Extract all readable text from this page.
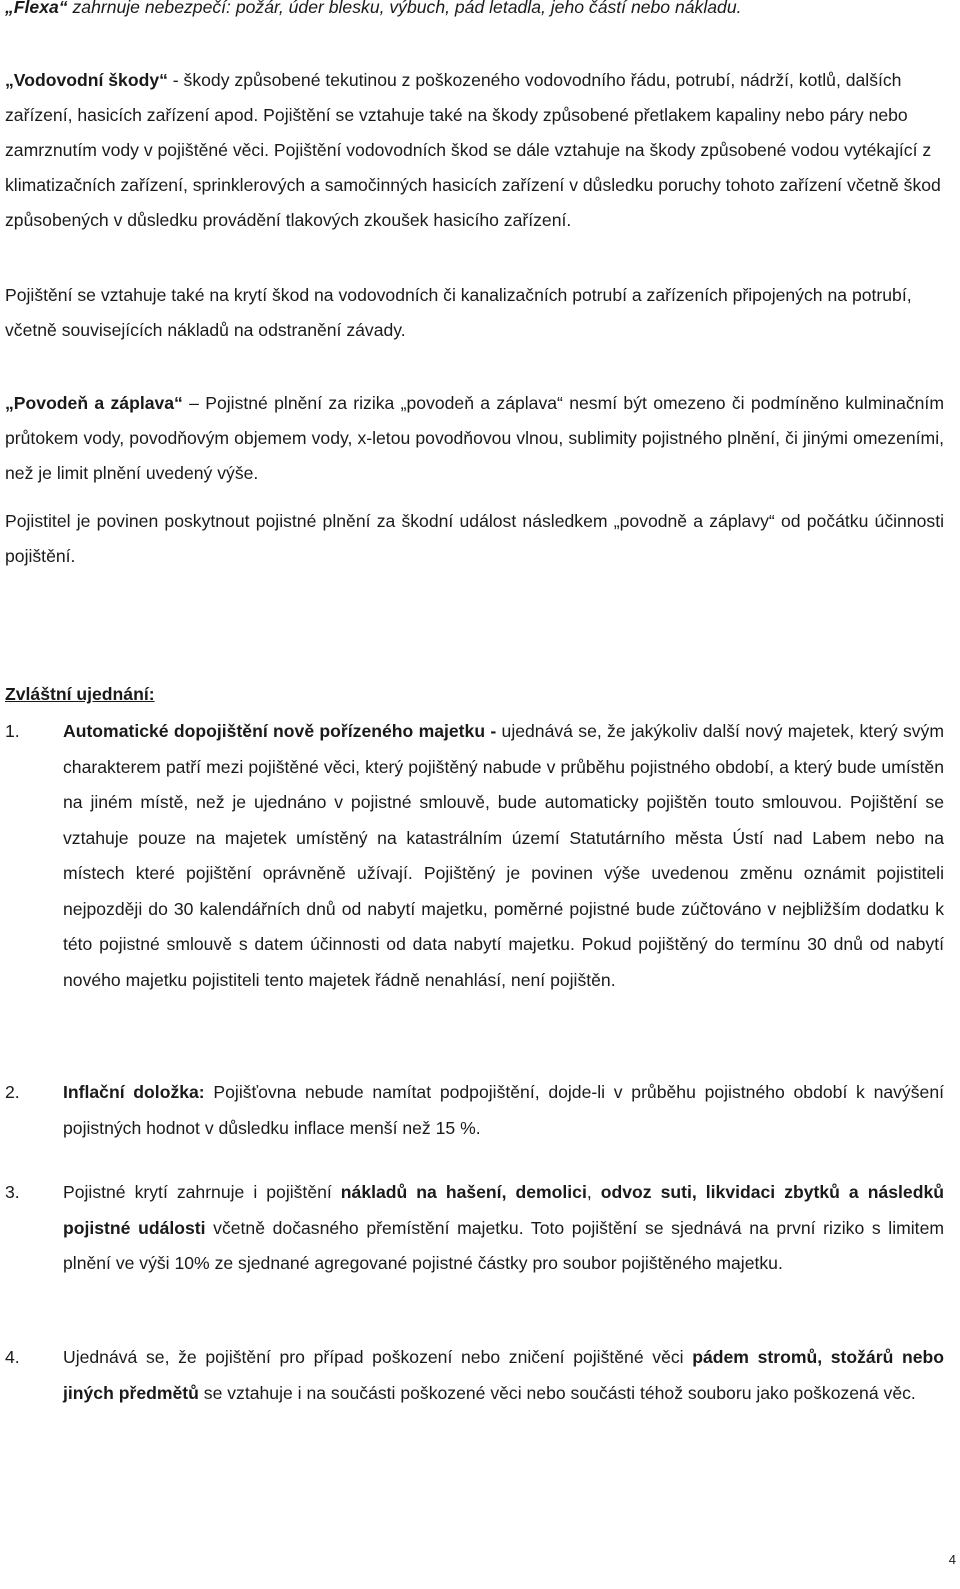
„Flexa“ zahrnuje nebezpečí: požár, úder blesku, výbuch, pád letadla, jeho částí nebo nákladu.

„Vodovodní škody“ - škody způsobené tekutinou z poškozeného vodovodního řádu, potrubí, nádrží, kotlů, dalších zařízení, hasicích zařízení apod. Pojištění se vztahuje také na škody způsobené přetlakem kapaliny nebo páry nebo zamrznutím vody v pojištěné věci. Pojištění vodovodních škod se dále vztahuje na škody způsobené vodou vytékající z klimatizačních zařízení, sprinklerových a samočinných hasicích zařízení v důsledku poruchy tohoto zařízení včetně škod způsobených v důsledku provádění tlakových zkoušek hasicího zařízení.

Pojištění se vztahuje také na krytí škod na vodovodních či kanalizačních potrubí a zařízeních připojených na potrubí, včetně souvisejících nákladů na odstranění závady.

„Povodeň a záplava“ – Pojistné plnění za rizika „povodeň a záplava“ nesmí být omezeno či podmíněno kulminačním průtokem vody, povodňovým objemem vody, x-letou povodňovou vlnou, sublimity pojistného plnění, či jinými omezeními, než je limit plnění uvedený výše.

Pojistitel je povinen poskytnout pojistné plnění za škodní událost následkem „povodně a záplavy“ od počátku účinnosti pojištění.

Zvláštní ujednání:

1.	Automatické dopojištění nově pořízeného majetku - ujednává se, že jakýkoliv další nový majetek, který svým charakterem patří mezi pojištěné věci, který pojištěný nabude v průběhu pojistného období, a který bude umístěn na jiném místě, než je ujednáno v pojistné smlouvě, bude automaticky pojištěn touto smlouvou. Pojištění se vztahuje pouze na majetek umístěný na katastrálním území Statutárního města Ústí nad Labem nebo na místech které pojištění oprávněně užívají. Pojištěný je povinen výše uvedenou změnu oznámit pojistiteli nejpozději do 30 kalendářních dnů od nabytí majetku, poměrné pojistné bude zúčtováno v nejbližším dodatku k této pojistné smlouvě s datem účinnosti od data nabytí majetku. Pokud pojištěný do termínu 30 dnů od nabytí nového majetku pojistiteli tento majetek řádně nenahlásí, není pojištěn.

2.	Inflační doložka: Pojišťovna nebude namítat podpojištění, dojde-li v průběhu pojistného období k navýšení pojistných hodnot v důsledku inflace menší než 15 %.

3.	Pojistné krytí zahrnuje i pojištění nákladů na hašení, demolici, odvoz suti, likvidaci zbytků a následků pojistné události včetně dočasného přemístění majetku. Toto pojištění se sjednává na první riziko s limitem plnění ve výši 10% ze sjednané agregované pojistné částky pro soubor pojištěného majetku.

4.	Ujednává se, že pojištění pro případ poškození nebo zničení pojištěné věci pádem stromů, stožárů nebo jiných předmětů se vztahuje i na součásti poškozené věci nebo součásti téhož souboru jako poškozená věc.

4
